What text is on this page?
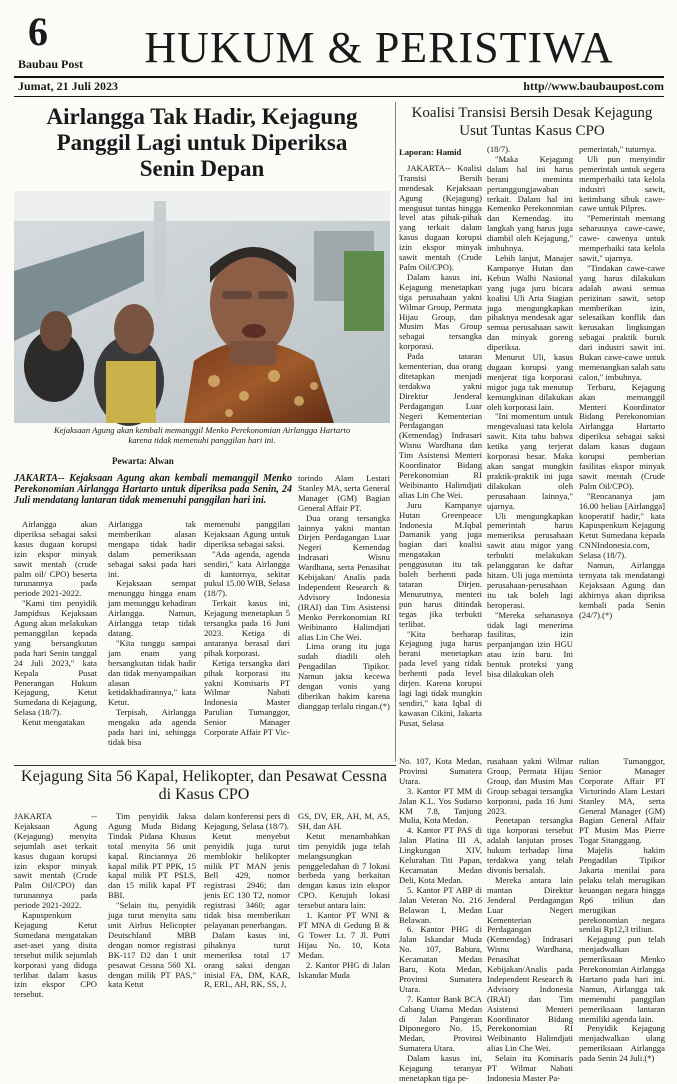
6
Baubau Post	HUKUM & PERISTIWA
Jumat, 21 Juli 2023	http//www.baubaupost.com
Airlangga Tak Hadir, Kejagung
Panggil Lagi untuk Diperiksa
Senin Depan
Kejaksaan Agung akan kembali memanggil Menko Perekonomian Airlangga Hartarto
karena tidak memenuhi panggilan hari ini.
Pewarta: Alwan
JAKARTA-- Kejaksaan Agung akan kembali memanggil Menko Perekonomian Airlangga Hartarto untuk diperiksa pada Senin, 24 Juli mendatang lantaran tidak memenuhi panggilan hari ini.

Airlangga akan diperiksa sebagai saksi kasus dugaan korupsi izin ekspor minyak sawit mentah (crude palm oil/ CPO) beserta turunannya pada periode 2021-2022.

"Kami tim penyidik Jampidsus Kejaksaan Agung akan melakukan pemanggilan kepada yang bersangkutan pada hari Senin tanggal 24 Juli 2023," kata Kepala Pusat Penerangan Hukum Kejagung, Ketut Sumedana di Kejagung, Selasa (18/7).

Ketut mengatakan

Airlangga tak memberikan alasan mengapa tidak hadir dalam pemeriksaan sebagai saksi pada hari ini.

Kejaksaan sempat menunggu hingga enam jam menunggu kehadiran Airlangga. Namun, Airlangga tetap tidak datang.

"Kita tunggu sampai jam enam yang bersangkutan tidak hadir dan tidak menyampaikan alasan ketidakhadirannya," kata Ketut.

Terpisah, Airlangga mengaku ada agenda pada hari ini, sehingga tidak bisa

memenuhi panggilan Kejaksaan Agung untuk diperiksa sebagai saksi.

"Ada agenda, agenda sendiri," kata Airlangga di kantornya, sekitar pukul 15.00 WIB, Selasa (18/7).

Terkait kasus ini, Kejagung menetapkan 5 tersangka pada 16 Juni 2023. Ketiga di antaranya berasal dari pihak korporasi.

Ketiga tersangka dari pihak korporasi itu yakni Komisaris PT Wilmar Nabati Indonesia Master Parulian Tumanggor, Senior Manager Corporate Affair PT Vic-

torindo Alam Lestari Stanley MA, serta General Manager (GM) Bagian General Affair PT.

Dua orang tersangka lainnya yakni mantan Dirjen Perdagangan Luar Negeri Kemendag Indrasari Wisnu Wardhana, serta Penasihat Kebijakan/ Analis pada Independent Research & Advisory Indonesia (IRAI) dan Tim Asistensi Menko Perekonomian RI Weibinanto Halimdjati alias Lin Che Wei.

Lima orang itu juga sudah diadili oleh Pengadilan Tipikor. Namun jaksa kecewa dengan vonis yang diberikan hakim karena dianggap terlalu ringan.(*)

Koalisi Transisi Bersih Desak Kejagung
Usut Tuntas Kasus CPO

Laporan: Hamid

JAKARTA-- Koalisi Transisi Bersih mendesak Kejaksaan Agung (Kejagung) mengusut tuntas hingga level atas pihak-pihak yang terkait dalam kasus dugaan korupsi izin ekspor minyak sawit mentah (Crude Palm Oil/CPO).

Dalam kasus ini, Kejagung menetapkan tiga perusahaan yakni Wilmar Group, Permata Hijau Group, dan Musim Mas Group sebagai tersangka korporasi.

Pada tataran kementerian, dua orang ditetapkan menjadi terdakwa yakni Direktur Jenderal Perdagangan Luar Negeri Kementerian Perdagangan (Kemendag) Indrasari Wisnu Wardhana dan Tim Asistensi Menteri Koordinator Bidang Perekonomian RI Weibinanto Halimdjati alias Lin Che Wei.

Juru Kampanye Hutan Greenpeace Indonesia M.Iqbal Damanik yang juga bagian dari koalisi mengatakan penggusutan itu tak boleh berhenti pada tataran Dirjen. Menurutnya, menteri pun harus ditindak tegas jika terbukti terlibat.

"Kita berharap Kejagung juga harus berani menetapkan pada level yang tidak berhenti pada level dirjen. Karena korupsi lagi lagi tidak mungkin sendiri," kata Iqbal di kawasan Cikini, Jakarta Pusat, Selasa

(18/7).

"Maka Kejagung dalam hal ini harus berani meminta pertanggungjawaban terkait. Dalam hal ini Kemenko Perekonomian dan Kemendag. itu langkah yang harus juga diambil oleh Kejagung," imbuhnya.

Lebih lanjut, Manajer Kampanye Hutan dan Kebun Walhi Nasional yang juga juru bicara koalisi Uli Arta Siagian juga mengungkapkan pihaknya mendesak agar semua perusahaan sawit dan minyak goreng diperiksa.

Menurut Uli, kasus dugaan korupsi yang menjerat tiga korporasi migor juga tak menutup kemungkinan dilakukan oleh korporasi lain.

"Ini momentum untuk mengevaluasi tata kelola sawit. Kita tahu bahwa ketika yang terjerat korporasi besar. Maka akan sangat mungkin praktik-praktik ini juga dilakukan oleh perusahaan lainnya," ujarnya.

Uli mengungkapkan pemerintah harus memeriksa perusahaan sawit atau migor yang terbukti melakukan pelanggaran ke daftar hitam. Uli juga meminta perusahaan-perusahaan itu tak boleh lagi beroperasi.

"Mereka seharusnya tidak lagi menerima fasilitas, izin perpanjangan izin HGU atau izin baru. Ini bentuk proteksi yang bisa dilakukan oleh

pemerintah," tuturnya.

Uli pun menyindir pemerintah untuk segera memperbaiki tata kelola industri sawit, ketimbang sibuk cawe-cawe untuk Pilpres.

"Pemerintah memang seharusnya cawe-cawe, cawe- cawenya untuk memperbaiki tata kelola sawit," ujarnya.

"Tindakan cawe-cawe yang harus dilakukan adalah awasi semua perizinan sawit, setop memberikan izin, selesaikan konflik dan kerusakan lingkungan sebagai praktik buruk dari industri sawit ini. Bukan cawe-cawe untuk memenangkan salah satu calon," imbuhnya.

Terbaru, Kejagung akan memanggil Menteri Koordinator Bidang Perekonomian Airlangga Hartarto diperiksa sebagai saksi dalam kasus dugaan korupsi pemberian fasilitas ekspor minyak sawit mentah (Crude Palm Oil/CPO).

"Rencananya jam 16.00 beliau [Airlangga] kooperatif hadir," kata Kapuspenkum Kejagung Ketut Sumedana kepada CNNIndonesia.com, Selasa (18/7).

Namun, Airlangga ternyata tak mendatangi Kejaksaan Agung dan akhirnya akan dipriksa kembali pada Senin (24/7).(*)

Kejagung Sita 56 Kapal, Helikopter, dan Pesawat Cessna
di Kasus CPO

JAKARTA -- Kejaksaan Agung (Kejagung) menyita sejumlah aset terkait kasus dugaan korupsi izin ekspor minyak sawit mentah (Crude Palm Oil/CPO) dan turunannya pada periode 2021-2022.

Kapuspenkum Kejagung Ketut Sumedana mengatakan aset-aset yang disita tersebut milik sejumlah korporasi yang diduga terlibat dalam kasus izin ekspor CPO tersebut.

Tim penyidik Jaksa Agung Muda Bidang Tindak Pidana Khusus total menyita 56 unit kapal. Rinciannya 26 kapal milik PT PPK, 15 kapal milik PT PSLS, dan 15 milik kapal PT BBI.

"Selain itu, penyidik juga turut menyita satu unit Airbus Helicopter Deutschland MBB dengan nomor registrasi BK-117 D2 dan 1 unit pesawat Cessna 560 XL dengan milik PT PAS," kata Ketut

dalam konferensi pers di Kejagung, Selasa (18/7).

Ketut menyebut penyidik juga turut memblokir helikopter milik PT MAN jenis Bell 429, nomor registrasi 2946; dan jenis EC 130 T2, nomor registrasi 3460; agar tidak bisa memberikan pelayanan penerbangan.

Dalam kasus ini, pihaknya turut memeriksa total 17 orang saksi dengan inisial FA, DM, KAR, R, ERL, AH, RK, SS, J,

GS, DV, ER, AH, M, AS, SH, dan AH.

Ketut menambahkan tim penyidik juga telah melangsungkan penggeledahan di 7 lokasi berbeda yang berkaitan dengan kasus izin ekspor CPO. Ketujuh lokasi tersebut antara lain:

1. Kantor PT WNI & PT MNA di Gedung B & G Tower Lt. 7 Jl. Putri Hijau No. 10, Kota Medan.

2. Kantor PHG di Jalan Iskandar Muda

No. 107, Kota Medan, Provinsi Sumatera Utara.

3. Kantor PT MM di Jalan K.L. Yos Sudarso KM 7.8, Tanjung Mulia, Kota Medan.

4. Kantor PT PAS di Jalan Platina III A, Lingkungan XIV, Kelurahan Titi Papan, Kecamatan Medan Deli, Kota Medan.

5. Kantor PT ABP di Jalan Veteran No. 216 Belawan I, Medan Belawan.

6. Kantor PHG di Jalan Iskandar Muda No. 107, Babura, Kecamatan Medan Baru, Kota Medan, Provinsi Sumatera Utara.

7. Kantor Bank BCA Cabang Utama Medan di Jalan Pangeran Diponegoro No. 15, Medan, Provinsi Sumatera Utara.

Dalam kasus ini, Kejagung teranyar menetapkan tiga pe-

rusahaan yakni Wilmar Group, Permata Hijau Group, dan Musim Mas Group sebagai tersangka korporasi, pada 16 Juni 2023.

Penetapan tersangka tiga korporasi tersebut adalah lanjutan proses hukum terhadap lima terdakwa yang telah divonis bersalah.

Mereka antara lain mantan Direktur Jenderal Perdagangan Luar Negeri Kementerian Perdagangan (Kemendag) Indrasari Wisnu Wardhana, Penasihat Kebijakan/Analis pada Independent Research & Advisory Indonesia (IRAI) dan Tim Asistensi Menteri Koordinator Bidang Perekonomian RI Weibinanto Halimdjati alias Lin Che Wei.

Selain itu Komisaris PT Wilmar Nabati Indonesia Master Pa-

rulian Tumanggor, Senior Manager Corporate Affair PT Victorindo Alam Lestari Stanley MA, serta General Manager (GM) Bagian General Affair PT Musim Mas Pierre Togar Sitanggang.

Majelis hakim Pengadilan Tipikor Jakarta menilai para pelaku telah merugikan keuangan negara hingga Rp6 triliun dan merugikan perekonomian negara senilai Rp12,3 triliun.

Kejagung pun telah menjadwalkan pemeriksaan Menko Perekonomian Airlangga Hartarto pada hari ini. Namun, Airlangga tak memenuhi panggilan pemeriksaan lantaran memiliki agenda lain.

Penyidik Kejagung menjadwalkan ulang pemeriksaan Airlangga pada Senin 24 Juli.(*)
